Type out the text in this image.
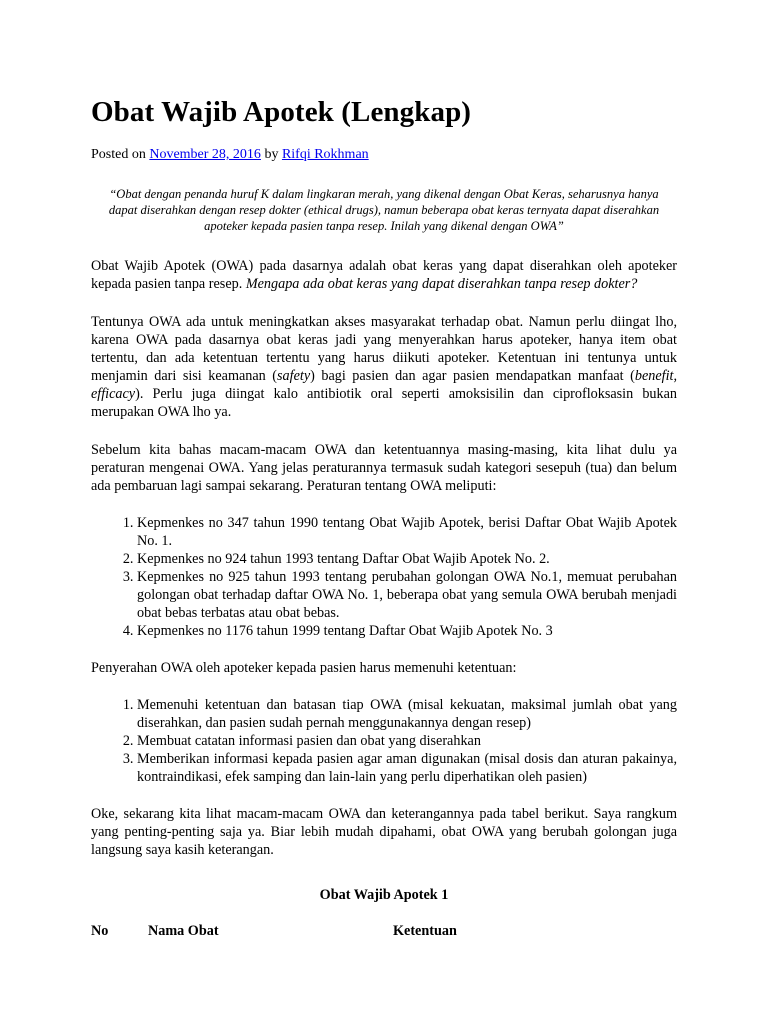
Obat Wajib Apotek (Lengkap)
Posted on November 28, 2016 by Rifqi Rokhman
“Obat dengan penanda huruf K dalam lingkaran merah, yang dikenal dengan Obat Keras, seharusnya hanya dapat diserahkan dengan resep dokter (ethical drugs), namun beberapa obat keras ternyata dapat diserahkan apoteker kepada pasien tanpa resep. Inilah yang dikenal dengan OWA”

Obat Wajib Apotek (OWA) pada dasarnya adalah obat keras yang dapat diserahkan oleh apoteker kepada pasien tanpa resep. Mengapa ada obat keras yang dapat diserahkan tanpa resep dokter?

Tentunya OWA ada untuk meningkatkan akses masyarakat terhadap obat. Namun perlu diingat lho, karena OWA pada dasarnya obat keras jadi yang menyerahkan harus apoteker, hanya item obat tertentu, dan ada ketentuan tertentu yang harus diikuti apoteker. Ketentuan ini tentunya untuk menjamin dari sisi keamanan (safety) bagi pasien dan agar pasien mendapatkan manfaat (benefit, efficacy). Perlu juga diingat kalo antibiotik oral seperti amoksisilin dan ciprofloksasin bukan merupakan OWA lho ya.

Sebelum kita bahas macam-macam OWA dan ketentuannya masing-masing, kita lihat dulu ya peraturan mengenai OWA. Yang jelas peraturannya termasuk sudah kategori sesepuh (tua) dan belum ada pembaruan lagi sampai sekarang. Peraturan tentang OWA meliputi:

1. Kepmenkes no 347 tahun 1990 tentang Obat Wajib Apotek, berisi Daftar Obat Wajib Apotek No. 1.
2. Kepmenkes no 924 tahun 1993 tentang Daftar Obat Wajib Apotek No. 2.
3. Kepmenkes no 925 tahun 1993 tentang perubahan golongan OWA No.1, memuat perubahan golongan obat terhadap daftar OWA No. 1, beberapa obat yang semula OWA berubah menjadi obat bebas terbatas atau obat bebas.
4. Kepmenkes no 1176 tahun 1999 tentang Daftar Obat Wajib Apotek No. 3

Penyerahan OWA oleh apoteker kepada pasien harus memenuhi ketentuan:

1. Memenuhi ketentuan dan batasan tiap OWA (misal kekuatan, maksimal jumlah obat yang diserahkan, dan pasien sudah pernah menggunakannya dengan resep)
2. Membuat catatan informasi pasien dan obat yang diserahkan
3. Memberikan informasi kepada pasien agar aman digunakan (misal dosis dan aturan pakainya, kontraindikasi, efek samping dan lain-lain yang perlu diperhatikan oleh pasien)

Oke, sekarang kita lihat macam-macam OWA dan keterangannya pada tabel berikut. Saya rangkum yang penting-penting saja ya. Biar lebih mudah dipahami, obat OWA yang berubah golongan juga langsung saya kasih keterangan.

Obat Wajib Apotek 1
No	Nama Obat	Ketentuan
